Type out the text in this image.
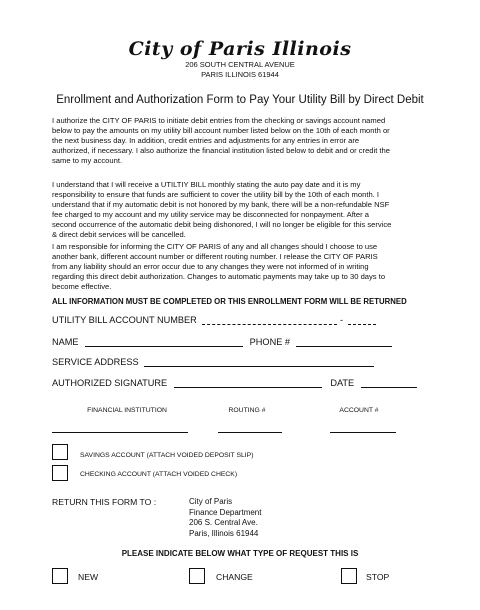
City of Paris Illinois
206 SOUTH CENTRAL AVENUE
PARIS ILLINOIS 61944
Enrollment and Authorization Form to Pay Your Utility Bill by Direct Debit

I authorize the CITY OF PARIS to initiate debit entries from the checking or savings account named below to pay the amounts on my utility bill account number listed below on the 10th of each month or the next business day. In addition, credit entries and adjustments for any entries in error are authorized, if necessary. I also authorize the financial institution listed below to debit and or credit the same to my account.

I understand that I will receive a UTILTIY BILL monthly stating the auto pay date and it is my responsibility to ensure that funds are sufficient to cover the utility bill by the 10th of each month. I understand that if my automatic debit is not honored by my bank, there will be a non-refundable NSF fee charged to my account and my utility service may be disconnected for nonpayment. After a second occurrence of the automatic debit being dishonored, I will no longer be eligible for this service & direct debit services will be cancelled.

I am responsible for informing the CITY OF PARIS of any and all changes should I choose to use another bank, different account number or different routing number. I release the CITY OF PARIS from any liability should an error occur due to any changes they were not informed of in writing regarding this direct debit authorization. Changes to automatic payments may take up to 30 days to become effective.

ALL INFORMATION MUST BE COMPLETED OR THIS ENROLLMENT FORM WILL BE RETURNED
UTILITY BILL ACCOUNT NUMBER	-
NAME	PHONE #
SERVICE ADDRESS
AUTHORIZED SIGNATURE	DATE
FINANCIAL INSTITUTION	ROUTING #	ACCOUNT #
SAVINGS ACCOUNT (ATTACH VOIDED DEPOSIT SLIP)
CHECKING ACCOUNT (ATTACH VOIDED CHECK)
RETURN THIS FORM TO :	City of Paris
Finance Department
206 S. Central Ave.
Paris, Illinois 61944
PLEASE INDICATE BELOW WHAT TYPE OF REQUEST THIS IS
NEW	CHANGE	STOP
